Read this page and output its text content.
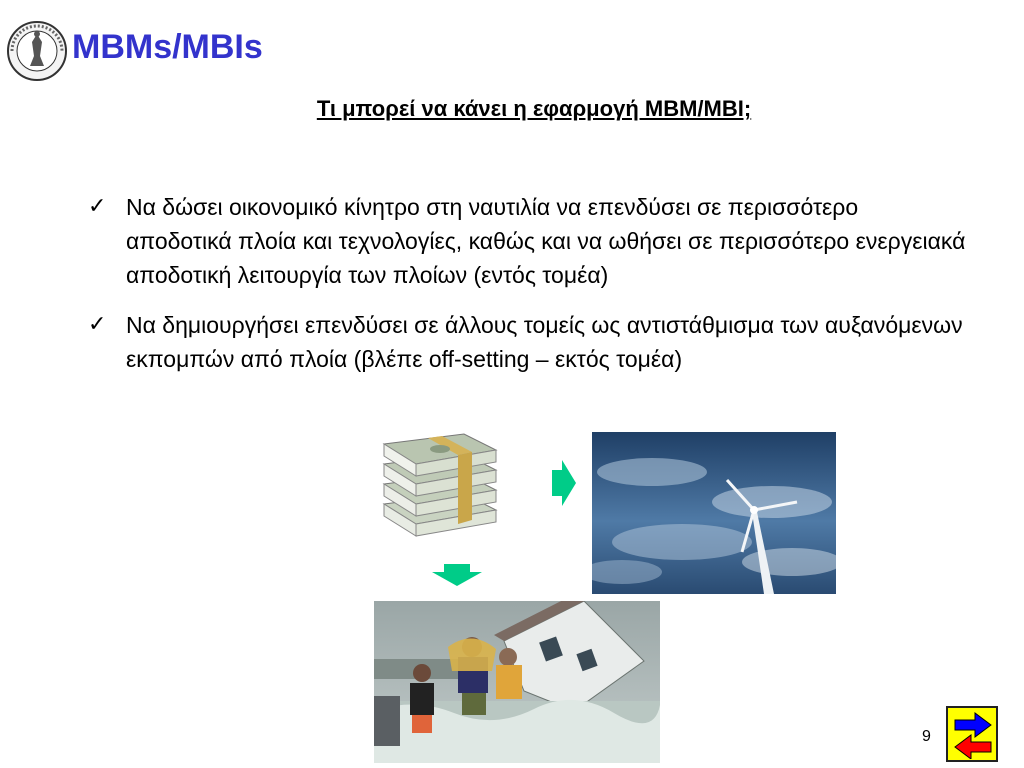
MBMs/MBIs

Τι μπορεί να κάνει η εφαρμογή MBM/MBI;

✓ Να δώσει οικονομικό κίνητρο στη ναυτιλία να επενδύσει σε περισσότερο αποδοτικά πλοία και τεχνολογίες, καθώς και να ωθήσει σε περισσότερο ενεργειακά αποδοτική λειτουργία των πλοίων (εντός τομέα)
✓ Να δημιουργήσει επενδύσει σε άλλους τομείς ως αντιστάθμισμα των αυξανόμενων εκπομπών από πλοία (βλέπε off-setting – εκτός τομέα)
9
